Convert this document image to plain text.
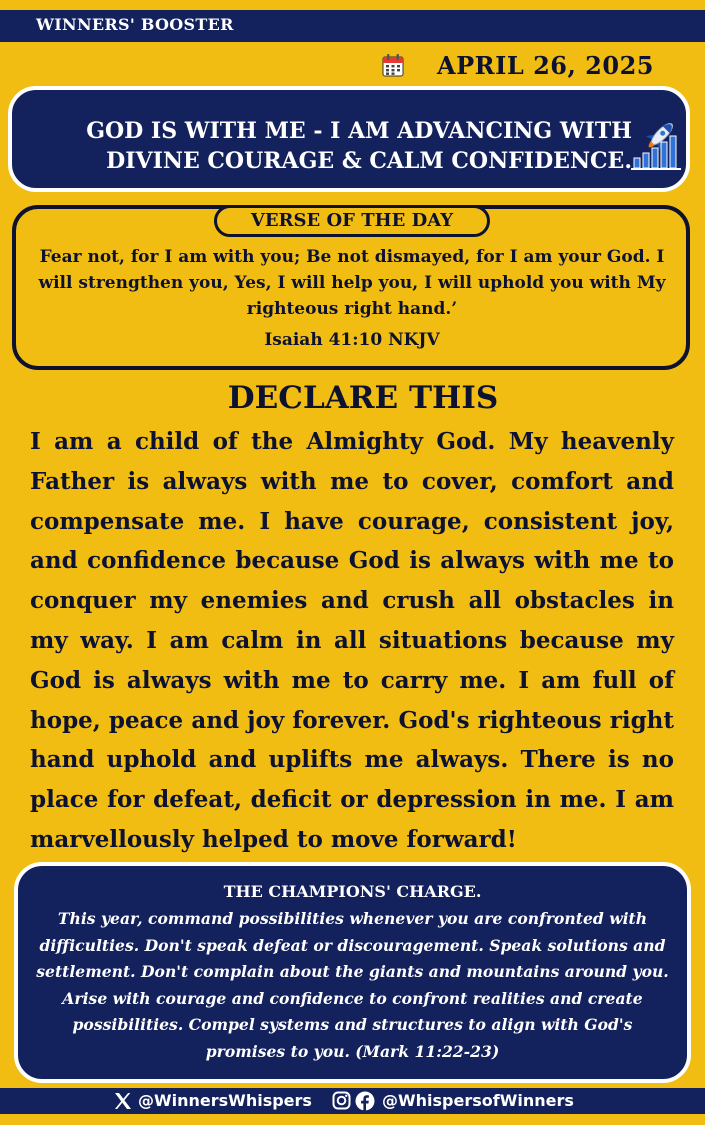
WINNERS' BOOSTER
APRIL 26, 2025
GOD IS WITH ME - I AM ADVANCING WITH
DIVINE COURAGE & CALM CONFIDENCE.
VERSE OF THE DAY
Fear not, for I am with you; Be not dismayed, for I am your God. I will strengthen you, Yes, I will help you, I will uphold you with My righteous right hand.’
Isaiah 41:10 NKJV
DECLARE THIS
I am a child of the Almighty God. My heavenly Father is always with me to cover, comfort and compensate me. I have courage, consistent joy, and confidence because God is always with me to conquer my enemies and crush all obstacles in my way. I am calm in all situations because my God is always with me to carry me. I am full of hope, peace and joy forever. God's righteous right hand uphold and uplifts me always. There is no place for defeat, deficit or depression in me. I am marvellously helped to move forward!
THE CHAMPIONS' CHARGE.
This year, command possibilities whenever you are confronted with difficulties. Don't speak defeat or discouragement. Speak solutions and settlement. Don't complain about the giants and mountains around you. Arise with courage and confidence to confront realities and create possibilities. Compel systems and structures to align with God's promises to you. (Mark 11:22-23)
@WinnersWhispers	@WhispersofWinners
